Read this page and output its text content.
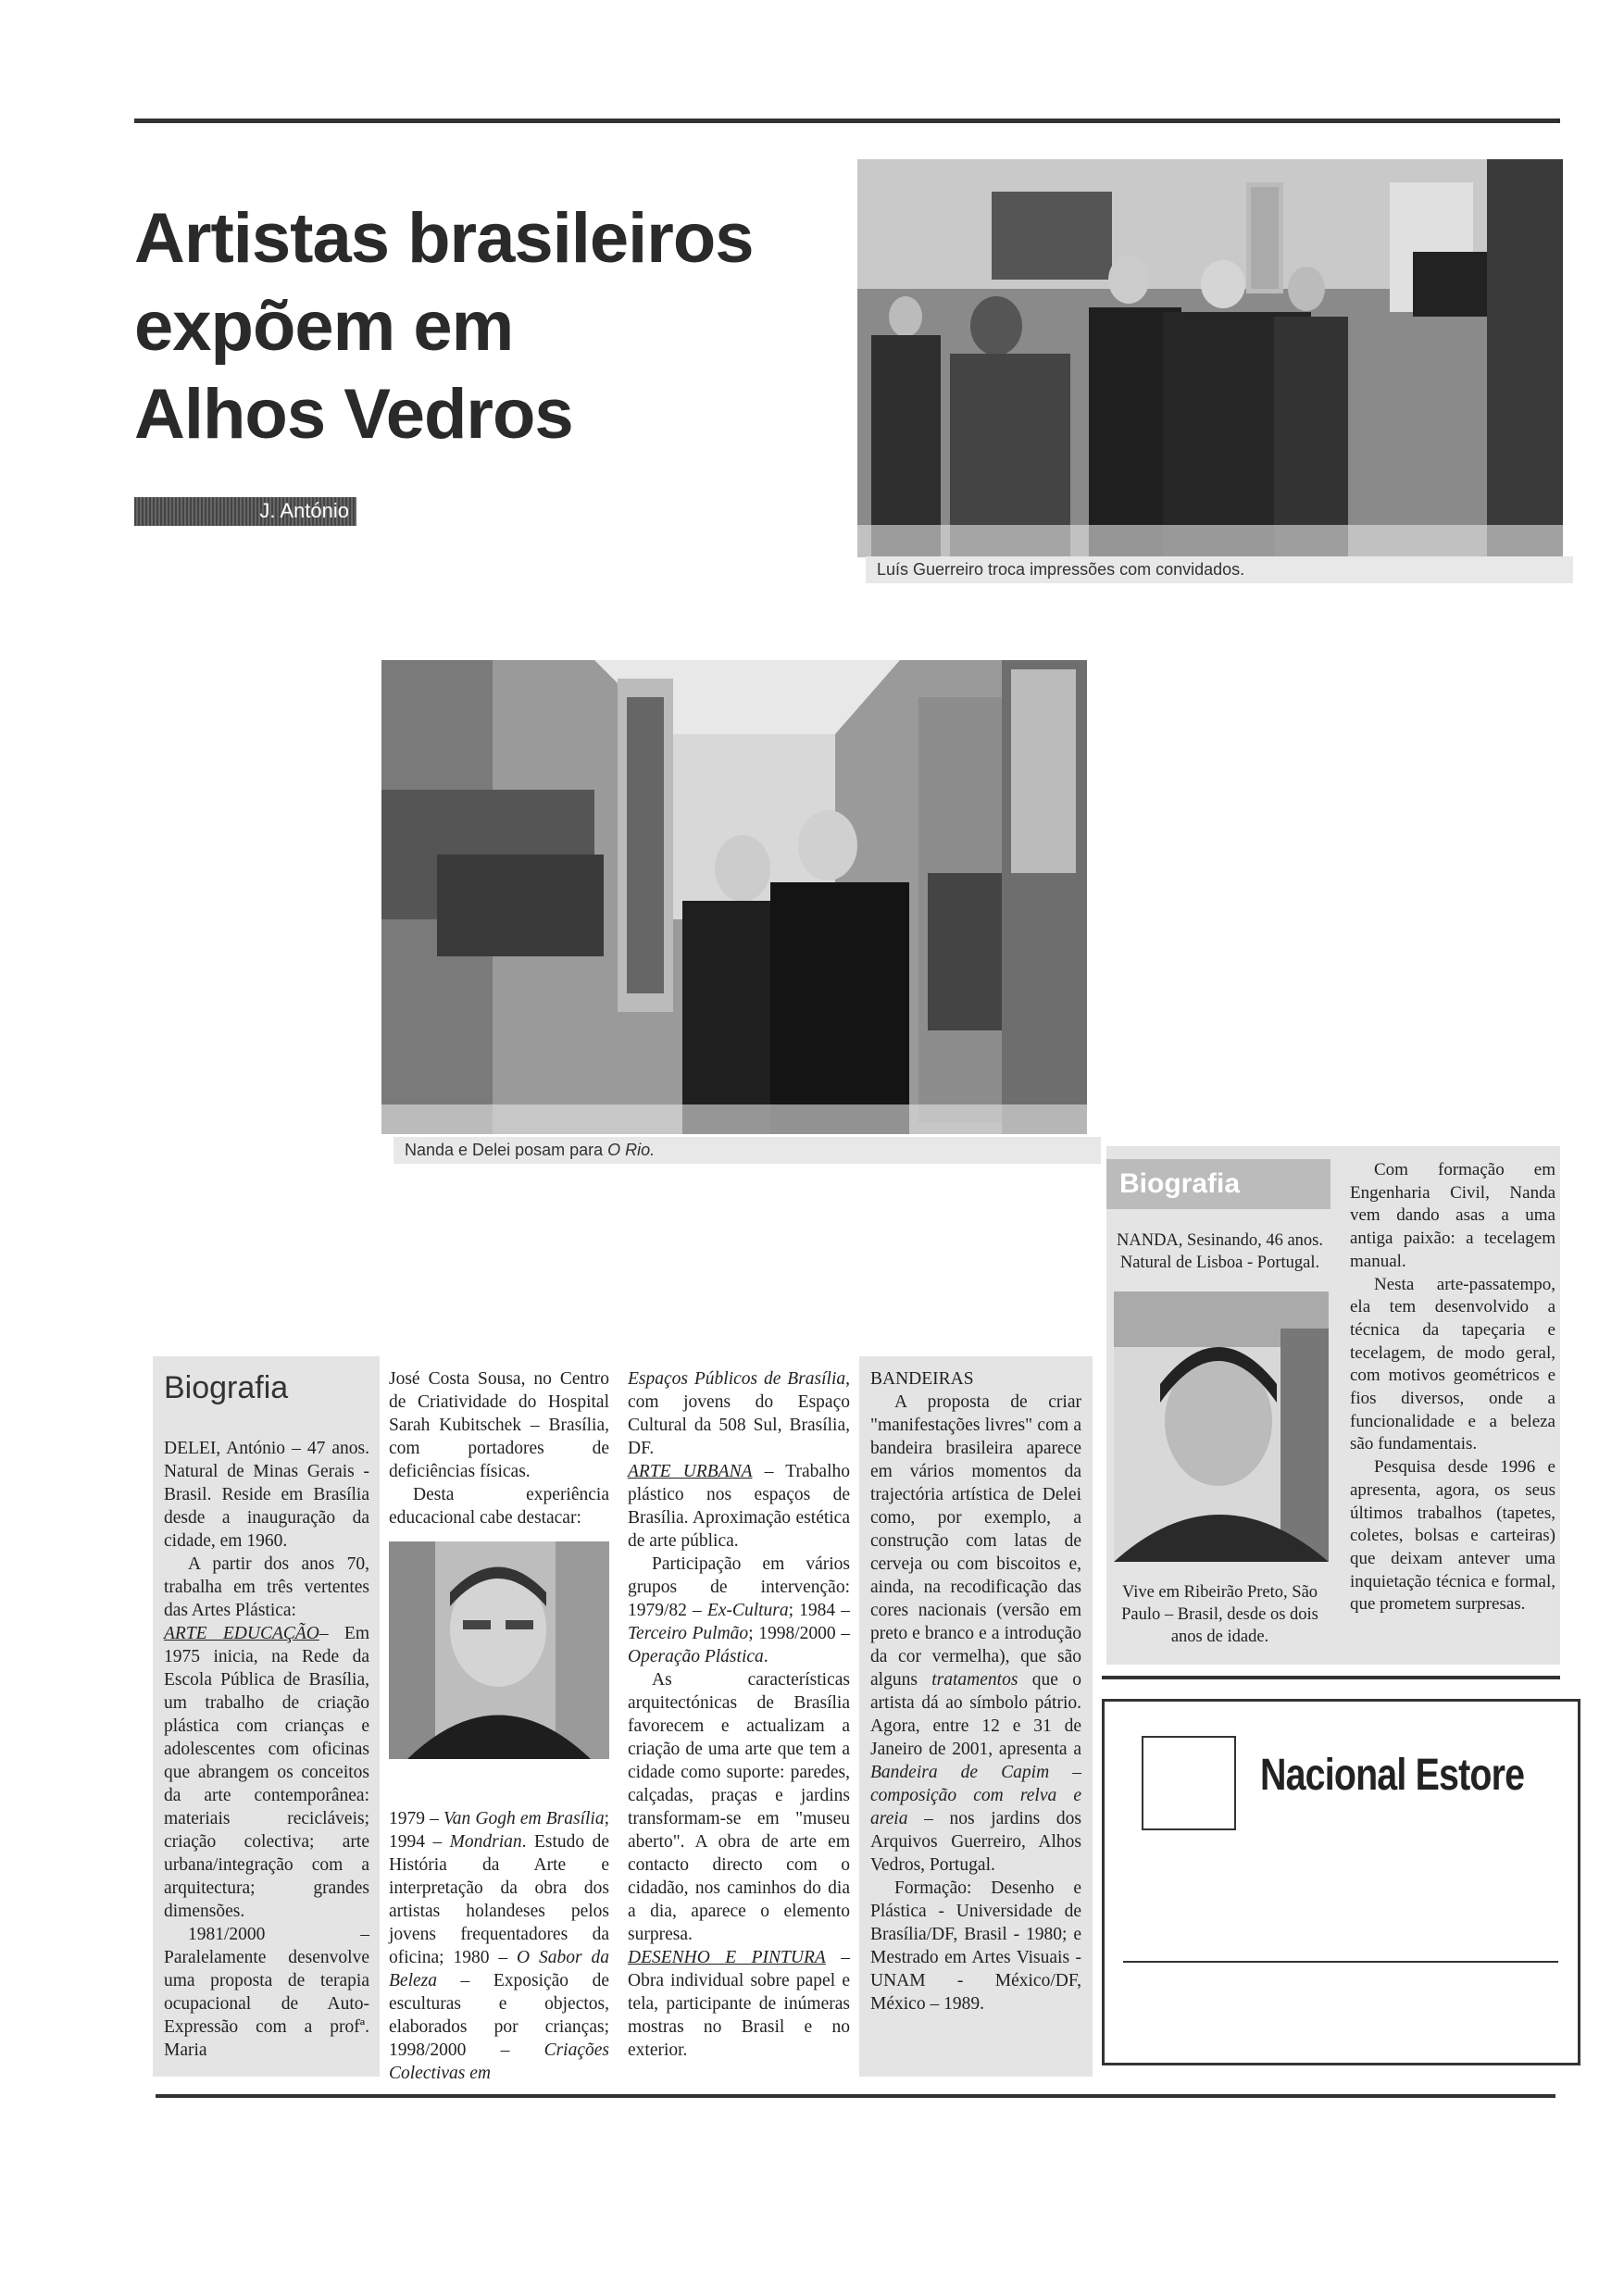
Artistas brasileiros
expõem em
Alhos Vedros
J. António
Luís Guerreiro troca impressões com convidados.
Nanda e Delei posam para O Rio.
Biografia

DELEI, António – 47 anos. Natural de Minas Gerais - Brasil. Reside em Brasília desde a inauguração da cidade, em 1960.

A partir dos anos 70, trabalha em três vertentes das Artes Plástica:

ARTE EDUCAÇÃO– Em 1975 inicia, na Rede da Escola Pública de Brasília, um trabalho de criação plástica com crianças e adolescentes com oficinas que abrangem os conceitos da arte contemporânea: materiais recicláveis; criação colectiva; arte urbana/integração com a arquitectura; grandes dimensões.

1981/2000 – Paralelamente desenvolve uma proposta de terapia ocupacional de Auto-Expressão com a profª. Maria

José Costa Sousa, no Centro de Criatividade do Hospital Sarah Kubitschek – Brasília, com portadores de deficiências físicas.

Desta experiência educacional cabe destacar:

1979 – Van Gogh em Brasília; 1994 – Mondrian. Estudo de História da Arte e interpretação da obra dos artistas holandeses pelos jovens frequentadores da oficina; 1980 – O Sabor da Beleza – Exposição de esculturas e objectos, elaborados por crianças; 1998/2000 – Criações Colectivas em

Espaços Públicos de Brasília, com jovens do Espaço Cultural da 508 Sul, Brasília, DF.

ARTE URBANA – Trabalho plástico nos espaços de Brasília. Aproximação estética de arte pública.

Participação em vários grupos de intervenção: 1979/82 – Ex-Cultura; 1984 – Terceiro Pulmão; 1998/2000 – Operação Plástica.

As características arquitectónicas de Brasília favorecem e actualizam a criação de uma arte que tem a cidade como suporte: paredes, calçadas, praças e jardins transformam-se em "museu aberto". A obra de arte em contacto directo com o cidadão, nos caminhos do dia a dia, aparece o elemento surpresa.

DESENHO E PINTURA – Obra individual sobre papel e tela, participante de inúmeras mostras no Brasil e no exterior.

BANDEIRAS

A proposta de criar "manifestações livres" com a bandeira brasileira aparece em vários momentos da trajectória artística de Delei como, por exemplo, a construção com latas de cerveja ou com biscoitos e, ainda, na recodificação das cores nacionais (versão em preto e branco e a introdução da cor vermelha), que são alguns tratamentos que o artista dá ao símbolo pátrio. Agora, entre 12 e 31 de Janeiro de 2001, apresenta a Bandeira de Capim – composição com relva e areia – nos jardins dos Arquivos Guerreiro, Alhos Vedros, Portugal.

Formação: Desenho e Plástica - Universidade de Brasília/DF, Brasil - 1980; e Mestrado em Artes Visuais - UNAM - México/DF, México – 1989.

Biografia
NANDA, Sesinando, 46 anos. Natural de Lisboa - Portugal.
Vive em Ribeirão Preto, São Paulo – Brasil, desde os dois anos de idade.

Com formação em Engenharia Civil, Nanda vem dando asas a uma antiga paixão: a tecelagem manual.

Nesta arte-passatempo, ela tem desenvolvido a técnica da tapeçaria e tecelagem, de modo geral, com motivos geométricos e fios diversos, onde a funcionalidade e a beleza são fundamentais.

Pesquisa desde 1996 e apresenta, agora, os seus últimos trabalhos (tapetes, coletes, bolsas e carteiras) que deixam antever uma inquietação técnica e formal, que prometem surpresas.

Nacional Estore
